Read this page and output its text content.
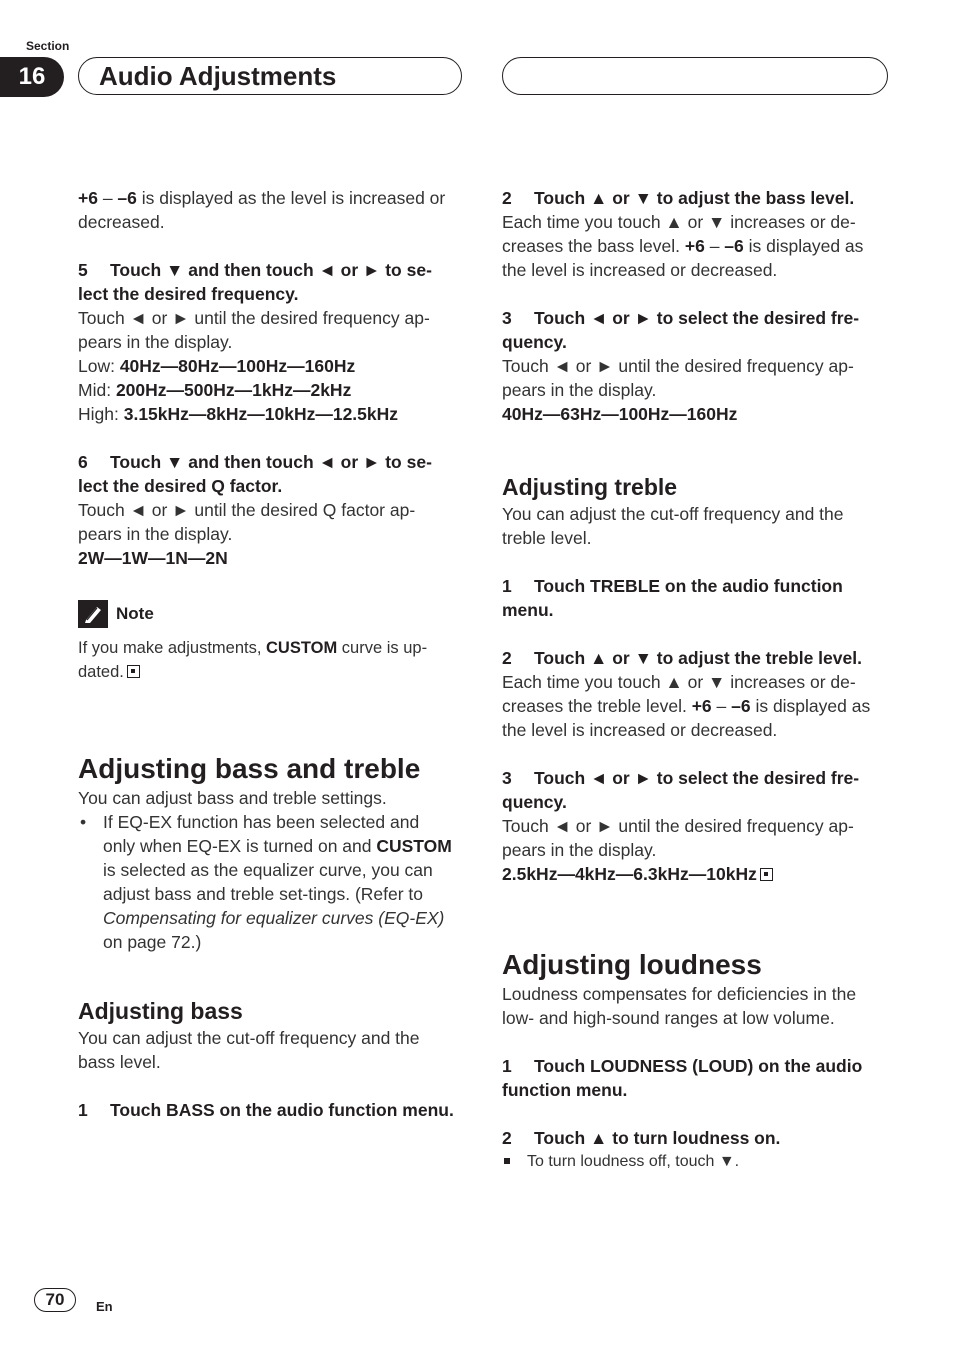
Section
16	Audio Adjustments

+6 – –6 is displayed as the level is increased or decreased.

5 Touch ▼ and then touch ◄ or ► to se-lect the desired frequency.

Touch ◄ or ► until the desired frequency ap-pears in the display.

Low: 40Hz—80Hz—100Hz—160Hz

Mid: 200Hz—500Hz—1kHz—2kHz

High: 3.15kHz—8kHz—10kHz—12.5kHz

6 Touch ▼ and then touch ◄ or ► to se-lect the desired Q factor.

Touch ◄ or ► until the desired Q factor ap-pears in the display.

2W—1W—1N—2N

Note

If you make adjustments, CUSTOM curve is up-dated.

Adjusting bass and treble

You can adjust bass and treble settings.

• If EQ-EX function has been selected and only when EQ-EX is turned on and CUSTOM is selected as the equalizer curve, you can adjust bass and treble set-tings. (Refer to Compensating for equalizer curves (EQ-EX) on page 72.)

Adjusting bass

You can adjust the cut-off frequency and the bass level.

1 Touch BASS on the audio function menu.

2 Touch ▲ or ▼ to adjust the bass level.

Each time you touch ▲ or ▼ increases or de-creases the bass level. +6 – –6 is displayed as the level is increased or decreased.

3 Touch ◄ or ► to select the desired fre-quency.

Touch ◄ or ► until the desired frequency ap-pears in the display.

40Hz—63Hz—100Hz—160Hz

Adjusting treble

You can adjust the cut-off frequency and the treble level.

1 Touch TREBLE on the audio function menu.

2 Touch ▲ or ▼ to adjust the treble level.

Each time you touch ▲ or ▼ increases or de-creases the treble level. +6 – –6 is displayed as the level is increased or decreased.

3 Touch ◄ or ► to select the desired fre-quency.

Touch ◄ or ► until the desired frequency ap-pears in the display.

2.5kHz—4kHz—6.3kHz—10kHz

Adjusting loudness

Loudness compensates for deficiencies in the low- and high-sound ranges at low volume.

1 Touch LOUDNESS (LOUD) on the audio function menu.

2 Touch ▲ to turn loudness on.

To turn loudness off, touch ▼.

70	En
